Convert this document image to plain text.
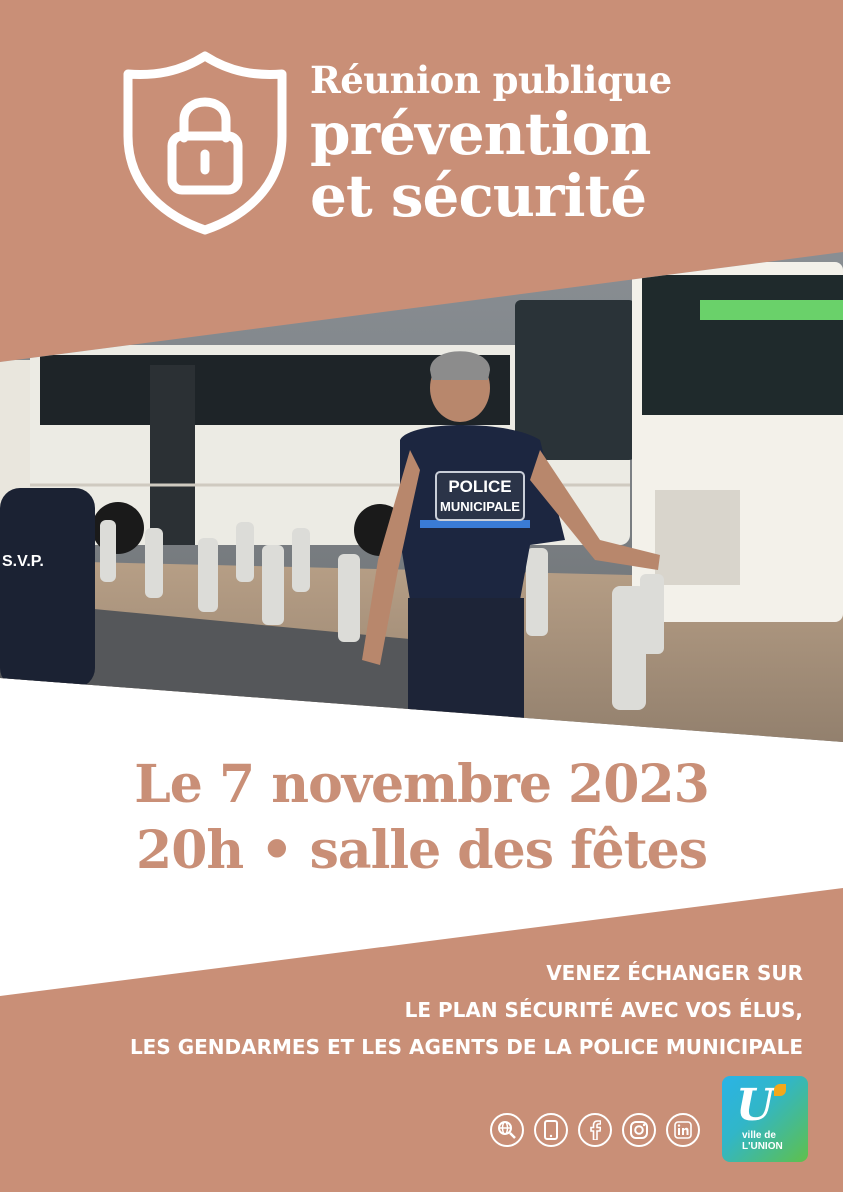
Réunion publique
prévention
et sécurité
S.V.P.
POLICE
MUNICIPALE
Le 7 novembre 2023
20h • salle des fêtes
VENEZ ÉCHANGER SUR
LE PLAN SÉCURITÉ AVEC VOS ÉLUS,
LES GENDARMES ET LES AGENTS DE LA POLICE MUNICIPALE
U
ville de
L'UNION
